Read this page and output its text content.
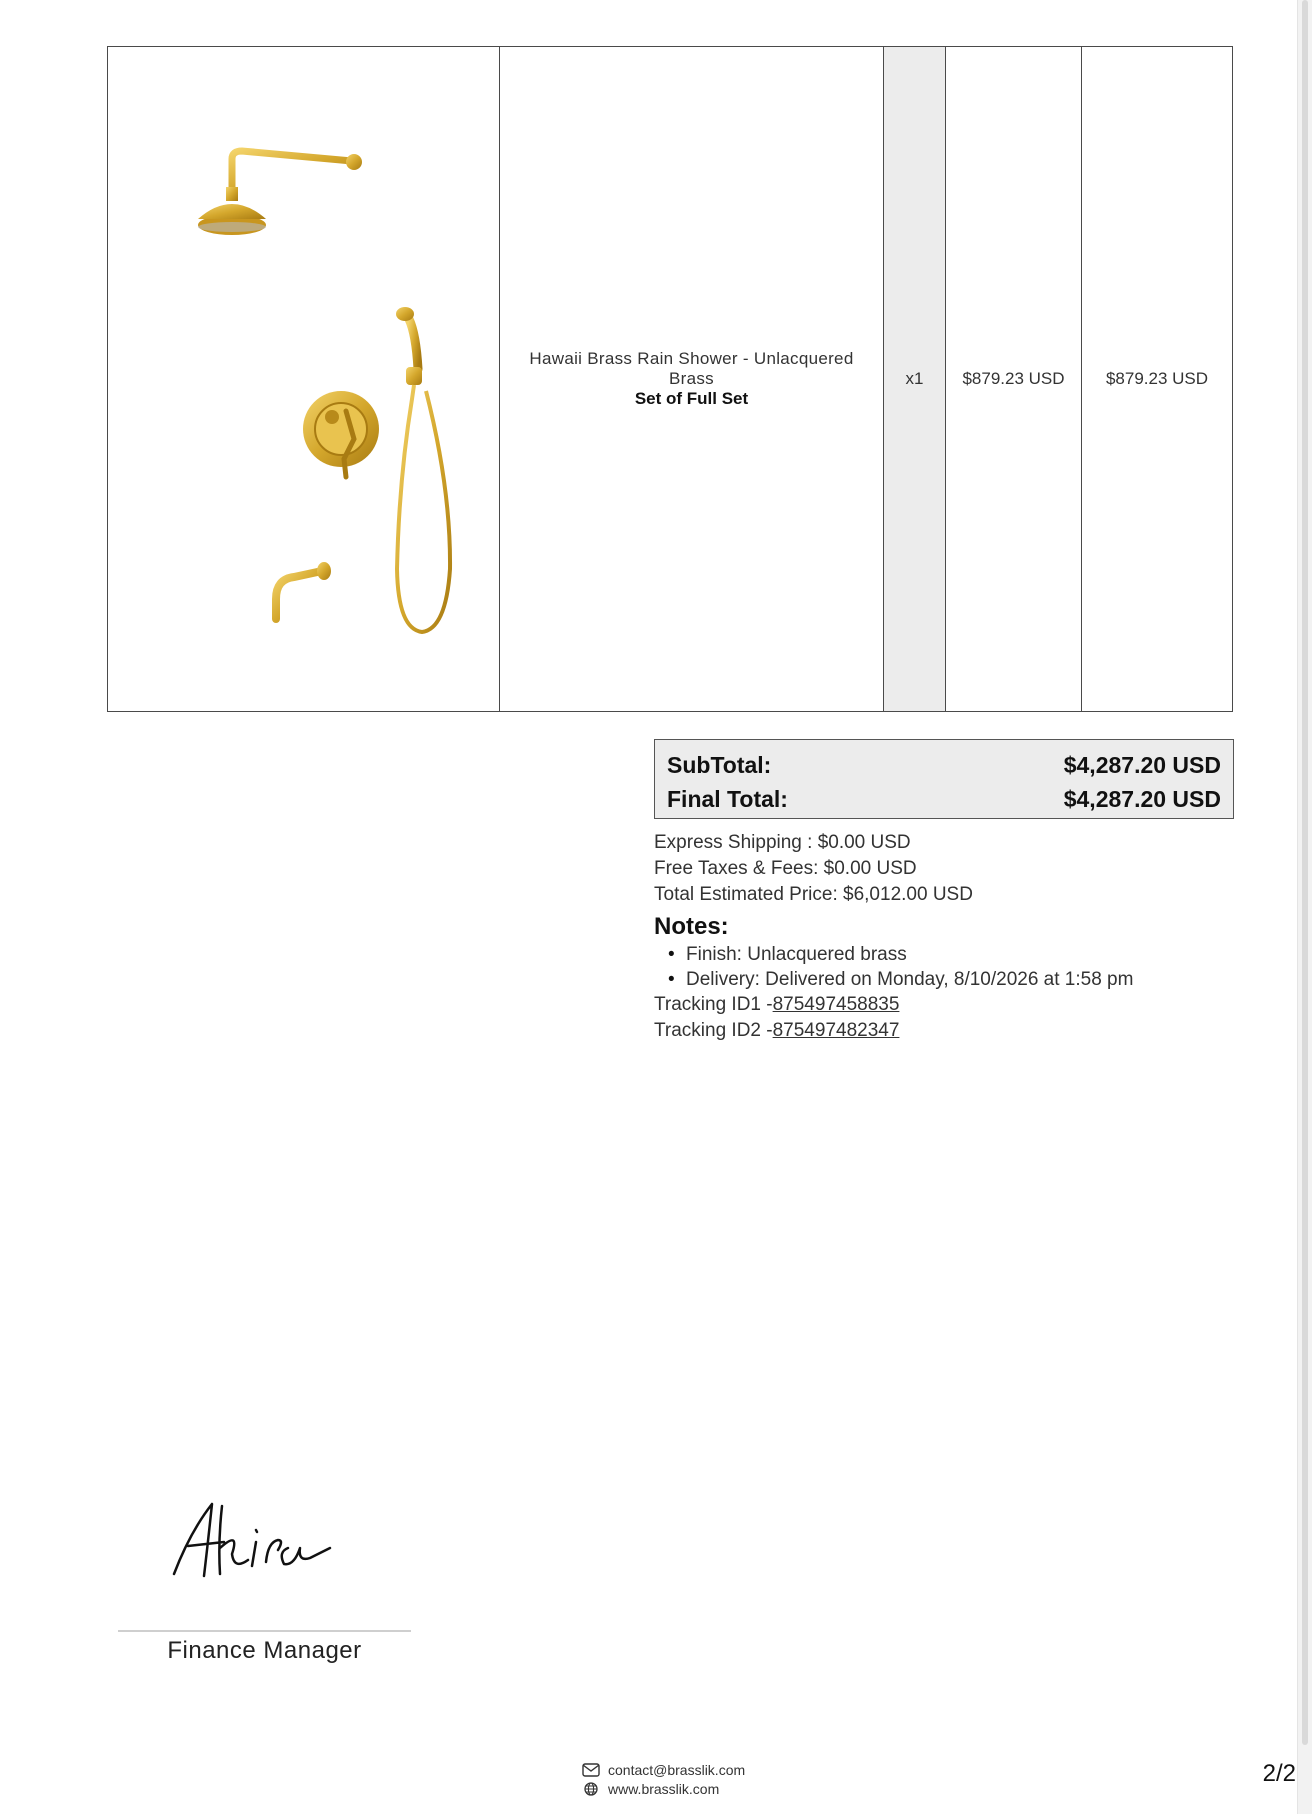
Hawaii Brass Rain Shower - Unlacquered Brass
Set of Full Set
	x1	$879.23 USD	$879.23 USD
SubTotal:	$4,287.20 USD
Final Total:	$4,287.20 USD
Express Shipping : $0.00 USD
Free Taxes & Fees: $0.00 USD
Total Estimated Price: $6,012.00 USD
Notes:
• Finish: Unlacquered brass
• Delivery: Delivered on Monday, 8/10/2026 at 1:58 pm
Tracking ID1 -875497458835
Tracking ID2 -875497482347
Finance Manager
contact@brasslik.com
www.brasslik.com
2/2
